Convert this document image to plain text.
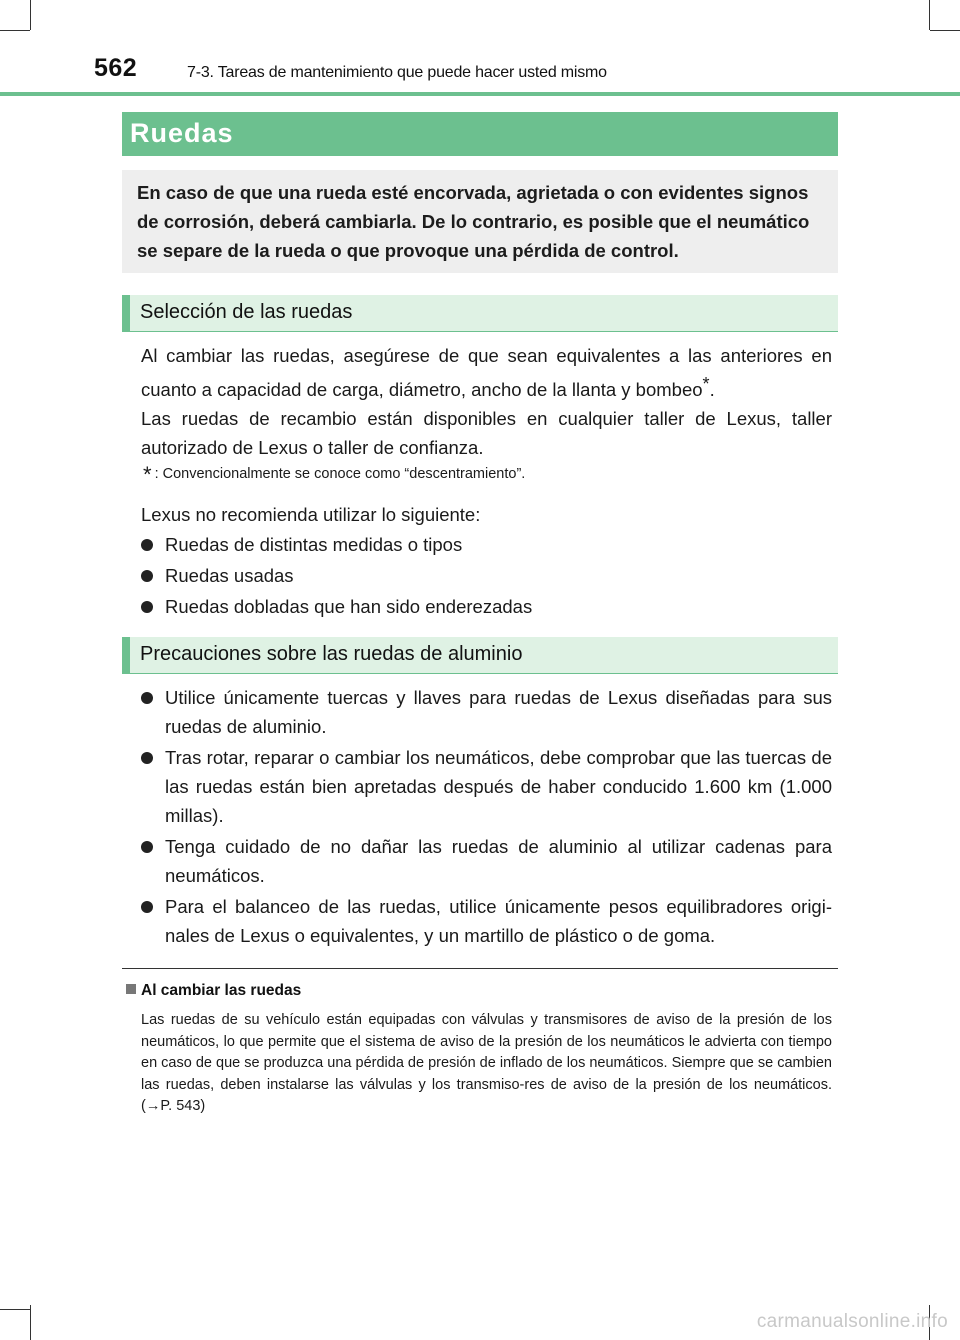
562	7-3. Tareas de mantenimiento que puede hacer usted mismo
Ruedas

En caso de que una rueda esté encorvada, agrietada o con evidentes signos de corrosión, deberá cambiarla. De lo contrario, es posible que el neumático se separe de la rueda o que provoque una pérdida de control.

Selección de las ruedas

Al cambiar las ruedas, asegúrese de que sean equivalentes a las anteriores en cuanto a capacidad de carga, diámetro, ancho de la llanta y bombeo*.

Las ruedas de recambio están disponibles en cualquier taller de Lexus, taller autorizado de Lexus o taller de confianza.

* : Convencionalmente se conoce como “descentramiento”.
Lexus no recomienda utilizar lo siguiente:
Ruedas de distintas medidas o tipos
Ruedas usadas
Ruedas dobladas que han sido enderezadas
Precauciones sobre las ruedas de aluminio
Utilice únicamente tuercas y llaves para ruedas de Lexus diseñadas para sus ruedas de aluminio.
Tras rotar, reparar o cambiar los neumáticos, debe comprobar que las tuercas de las ruedas están bien apretadas después de haber conducido 1.600 km (1.000 millas).
Tenga cuidado de no dañar las ruedas de aluminio al utilizar cadenas para neumáticos.
Para el balanceo de las ruedas, utilice únicamente pesos equilibradores origi-nales de Lexus o equivalentes, y un martillo de plástico o de goma.
Al cambiar las ruedas

Las ruedas de su vehículo están equipadas con válvulas y transmisores de aviso de la presión de los neumáticos, lo que permite que el sistema de aviso de la presión de los neumáticos le advierta con tiempo en caso de que se produzca una pérdida de presión de inflado de los neumáticos. Siempre que se cambien las ruedas, deben instalarse las válvulas y los transmiso-res de aviso de la presión de los neumáticos. (→P. 543)

carmanualsonline.info
